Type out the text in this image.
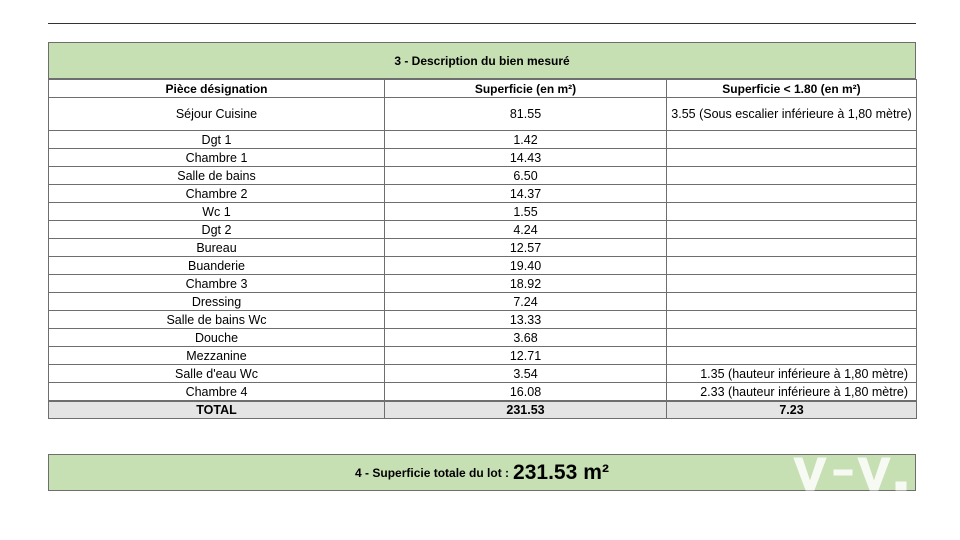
3 - Description du bien mesuré
Pièce désignation	Superficie (en m²)	Superficie < 1.80 (en m²)
Séjour Cuisine	81.55	3.55 (Sous escalier inférieure à 1,80 mètre)
Dgt 1	1.42	
Chambre 1	14.43	
Salle de bains	6.50	
Chambre 2	14.37	
Wc 1	1.55	
Dgt 2	4.24	
Bureau	12.57	
Buanderie	19.40	
Chambre 3	18.92	
Dressing	7.24	
Salle de bains Wc	13.33	
Douche	3.68	
Mezzanine	12.71	
Salle d'eau Wc	3.54	1.35 (hauteur inférieure à 1,80 mètre)
Chambre 4	16.08	2.33 (hauteur inférieure à 1,80 mètre)
TOTAL	231.53	7.23
4 - Superficie totale du lot : 231.53 m²
